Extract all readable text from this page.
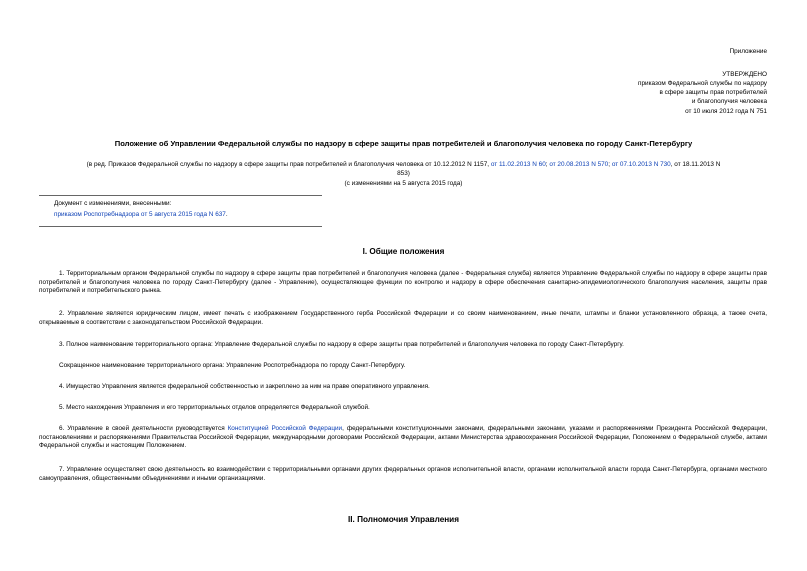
Приложение
УТВЕРЖДЕНО
приказом Федеральной службы по надзору
в сфере защиты прав потребителей
и благополучия человека
от 10 июля 2012 года N 751
Положение об Управлении Федеральной службы по надзору в сфере защиты прав потребителей и благополучия человека по городу Санкт-Петербургу
(в ред. Приказов Федеральной службы по надзору в сфере защиты прав потребителей и благополучия человека от 10.12.2012 N 1157, от 11.02.2013 N 60; от 20.08.2013 N 570; от 07.10.2013 N 730, от 18.11.2013 N
853)
(с изменениями на 5 августа 2015 года)
Документ с изменениями, внесенными:
приказом Роспотребнадзора от 5 августа 2015 года N 637.
I. Общие положения
1. Территориальным органом Федеральной службы по надзору в сфере защиты прав потребителей и благополучия человека (далее - Федеральная служба) является Управление Федеральной службы по надзору в сфере защиты прав потребителей и благополучия человека по городу Санкт-Петербургу (далее - Управление), осуществляющее функции по контролю и надзору в сфере обеспечения санитарно-эпидемиологического благополучия населения, защиты прав потребителей и потребительского рынка.
2. Управление является юридическим лицом, имеет печать с изображением Государственного герба Российской Федерации и со своим наименованием, иные печати, штампы и бланки установленного образца, а также счета, открываемые в соответствии с законодательством Российской Федерации.
3. Полное наименование территориального органа: Управление Федеральной службы по надзору в сфере защиты прав потребителей и благополучия человека по городу Санкт-Петербургу.
Сокращенное наименование территориального органа: Управление Роспотребнадзора по городу Санкт-Петербургу.
4. Имущество Управления является федеральной собственностью и закреплено за ним на праве оперативного управления.
5. Место нахождения Управления и его территориальных отделов определяется Федеральной службой.
6. Управление в своей деятельности руководствуется Конституцией Российской Федерации, федеральными конституционными законами, федеральными законами, указами и распоряжениями Президента Российской Федерации, постановлениями и распоряжениями Правительства Российской Федерации, международными договорами Российской Федерации, актами Министерства здравоохранения Российской Федерации, Положением о Федеральной службе, актами Федеральной службы и настоящим Положением.
7. Управление осуществляет свою деятельность во взаимодействии с территориальными органами других федеральных органов исполнительной власти, органами исполнительной власти города Санкт-Петербурга, органами местного самоуправления, общественными объединениями и иными организациями.
II. Полномочия Управления
